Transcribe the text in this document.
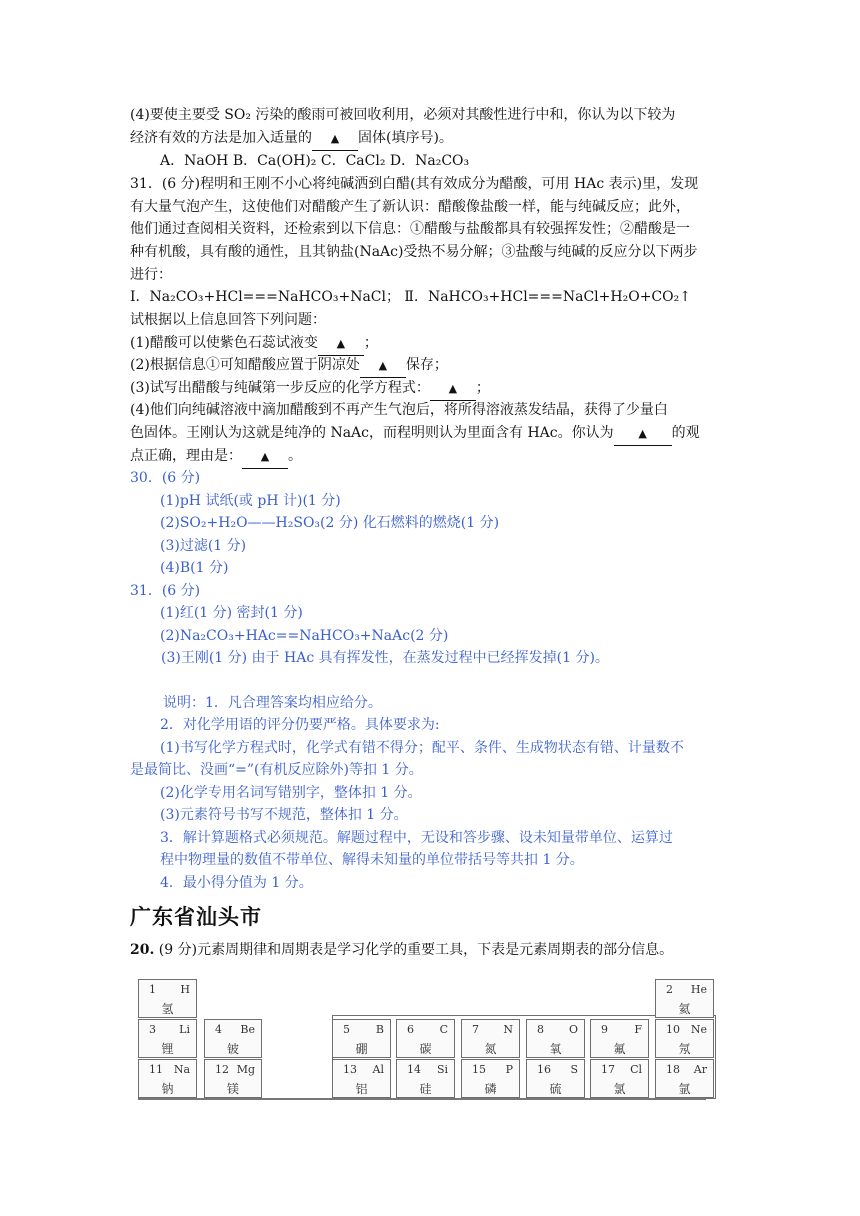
(4)要使主要受 SO₂ 污染的酸雨可被回收利用，必须对其酸性进行中和，你认为以下较为
经济有效的方法是加入适量的 ▲ 固体(填序号)。
A．NaOH B．Ca(OH)₂ C．CaCl₂ D．Na₂CO₃
31．(6 分)程明和王刚不小心将纯碱洒到白醋(其有效成分为醋酸，可用 HAc 表示)里，发现
有大量气泡产生，这使他们对醋酸产生了新认识：醋酸像盐酸一样，能与纯碱反应；此外，
他们通过查阅相关资料，还检索到以下信息：①醋酸与盐酸都具有较强挥发性；②醋酸是一
种有机酸，具有酸的通性，且其钠盐(NaAc)受热不易分解；③盐酸与纯碱的反应分以下两步
进行：
Ⅰ．Na₂CO₃+HCl===NaHCO₃+NaCl； Ⅱ．NaHCO₃+HCl===NaCl+H₂O+CO₂↑
试根据以上信息回答下列问题：
(1)醋酸可以使紫色石蕊试液变 ▲ ；
(2)根据信息①可知醋酸应置于阴凉处 ▲ 保存；
(3)试写出醋酸与纯碱第一步反应的化学方程式： ▲ ；
(4)他们向纯碱溶液中滴加醋酸到不再产生气泡后，将所得溶液蒸发结晶，获得了少量白
色固体。王刚认为这就是纯净的 NaAc，而程明则认为里面含有 HAc。你认为 ▲ 的观
点正确，理由是： ▲ 。
30．(6 分)
(1)pH 试纸(或 pH 计)(1 分)
(2)SO₂+H₂O——H₂SO₃(2 分) 化石燃料的燃烧(1 分)
(3)过滤(1 分)
(4)B(1 分)
31．(6 分)
(1)红(1 分) 密封(1 分)
(2)Na₂CO₃+HAc==NaHCO₃+NaAc(2 分)
(3)王刚(1 分) 由于 HAc 具有挥发性，在蒸发过程中已经挥发掉(1 分)。
说明：1．凡合理答案均相应给分。
2．对化学用语的评分仍要严格。具体要求为:
(1)书写化学方程式时，化学式有错不得分；配平、条件、生成物状态有错、计量数不
是最简比、没画“=”(有机反应除外)等扣 1 分。
(2)化学专用名词写错别字，整体扣 1 分。
(3)元素符号书写不规范，整体扣 1 分。
3．解计算题格式必须规范。解题过程中，无设和答步骤、设未知量带单位、运算过
程中物理量的数值不带单位、解得未知量的单位带括号等共扣 1 分。
4．最小得分值为 1 分。
广东省汕头市
20. (9 分)元素周期律和周期表是学习化学的重要工具，下表是元素周期表的部分信息。
1 H
氢
2 He
氦
3 Li
锂
4 Be
铍
5 B
硼
6 C
碳
7 N
氮
8 O
氧
9 F
氟
10 Ne
氖
11 Na
钠
12 Mg
镁
13 Al
铝
14 Si
硅
15 P
磷
16 S
硫
17 Cl
氯
18 Ar
氩
